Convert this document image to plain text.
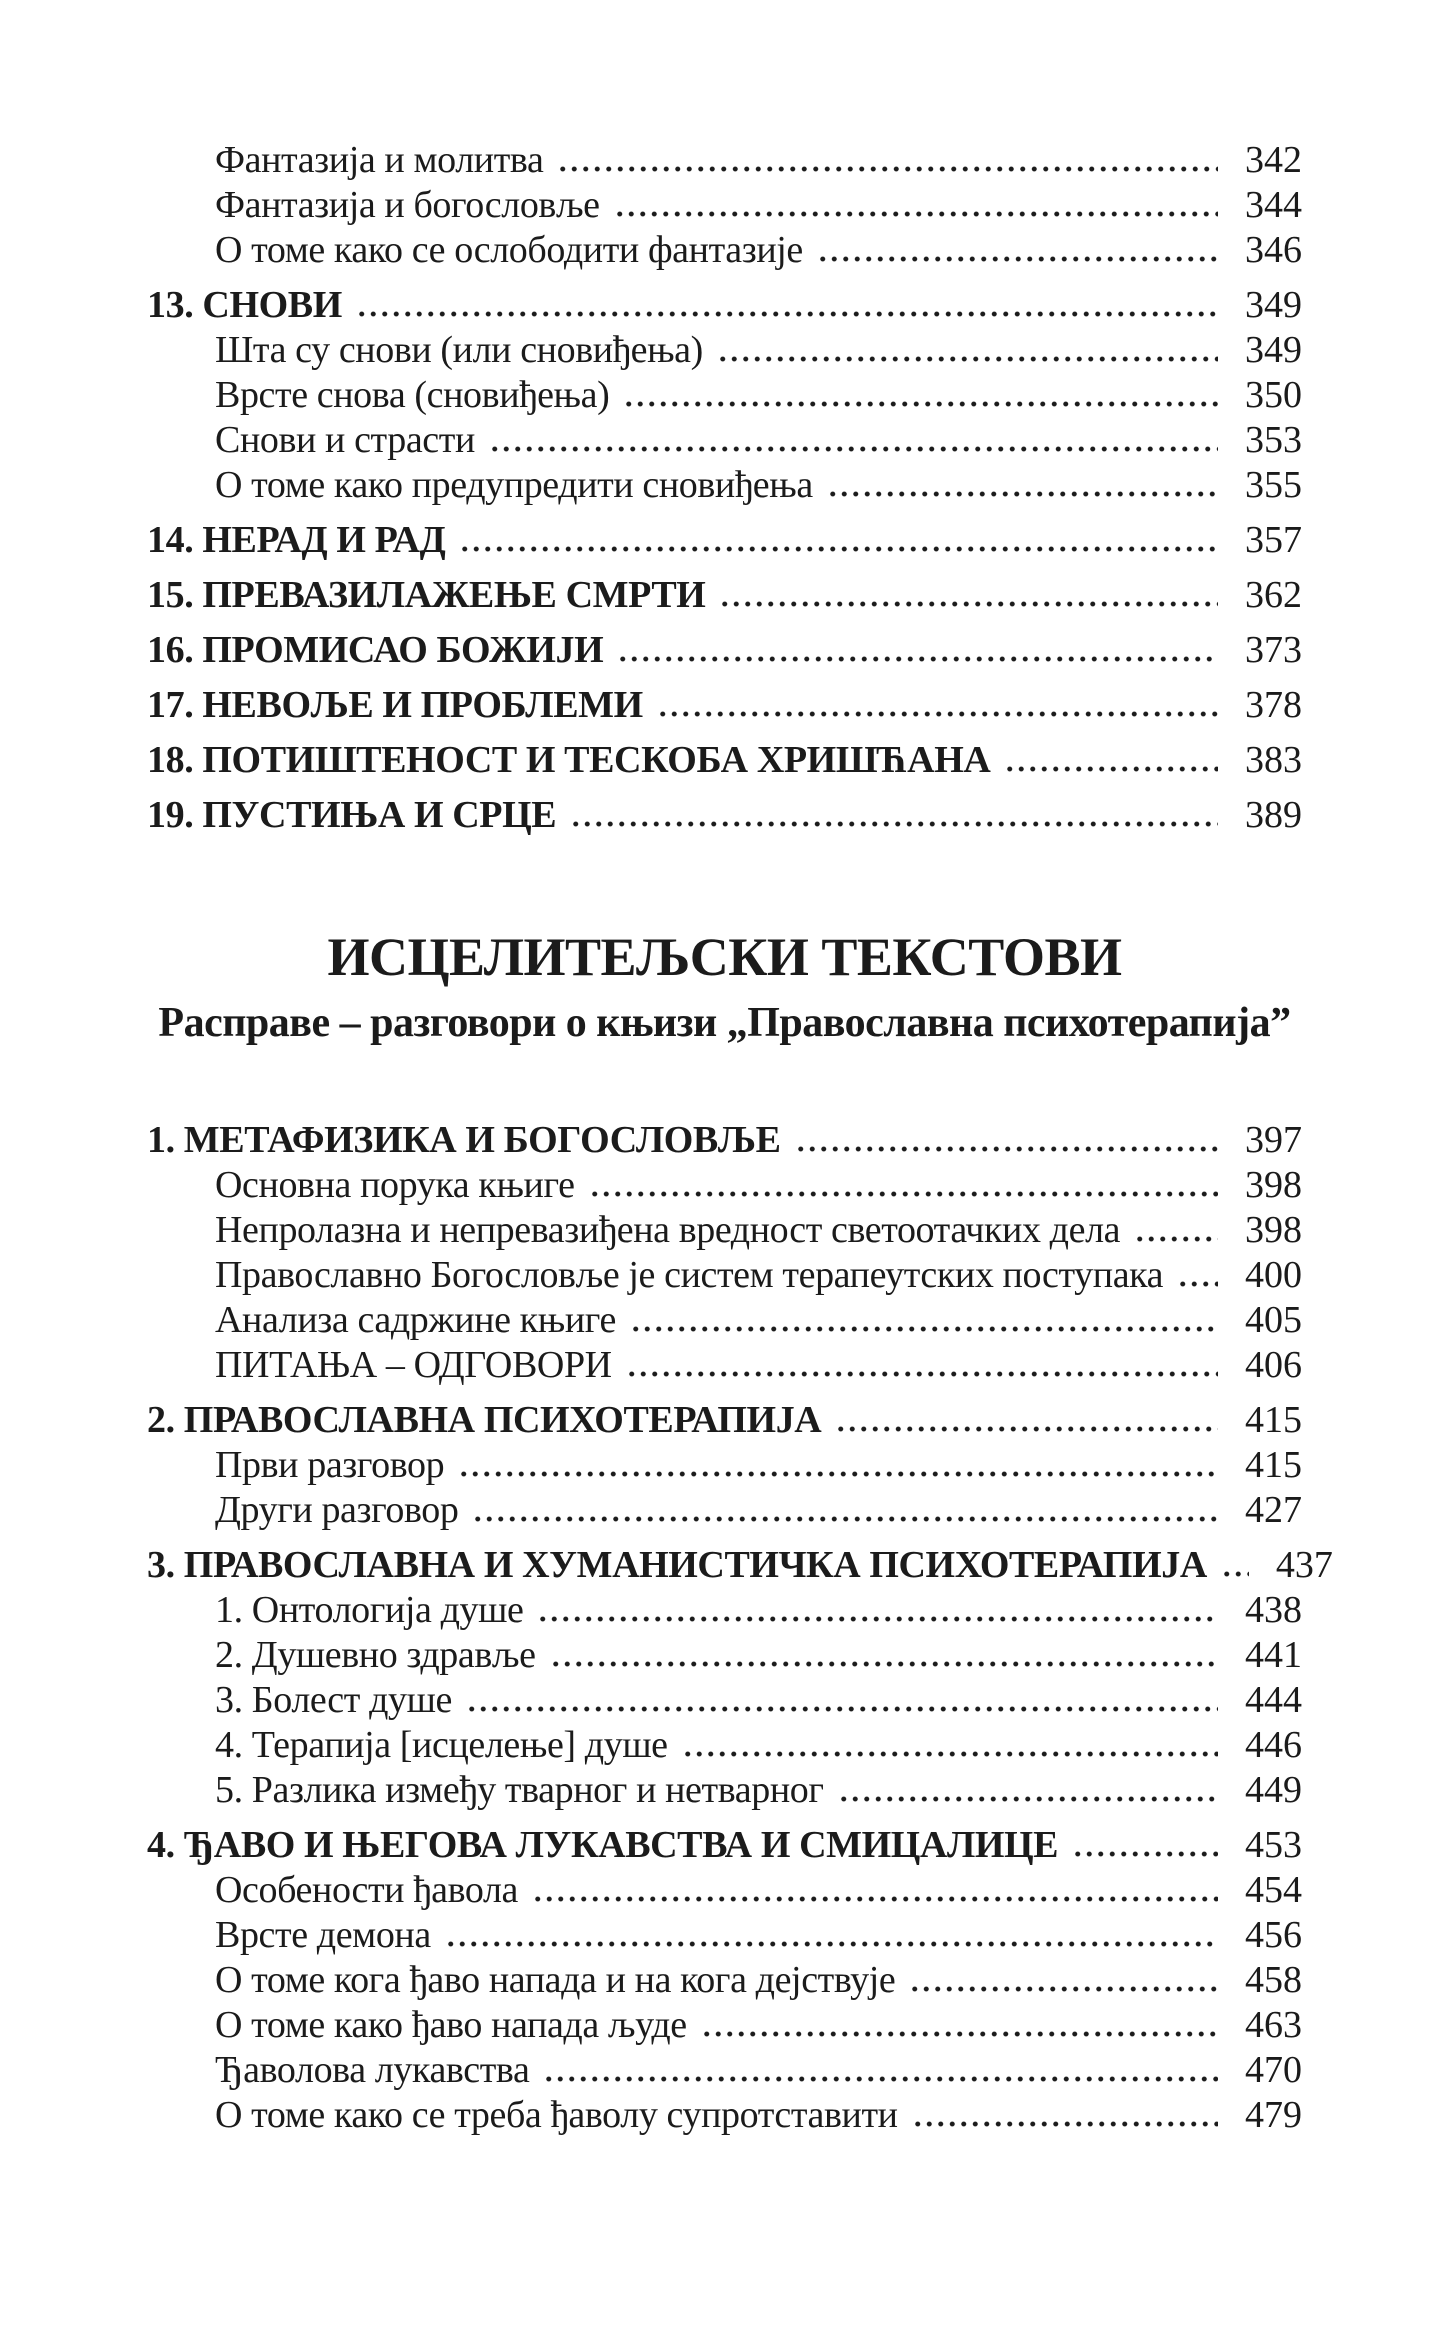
Фантазија и молитва	342
Фантазија и богословље	344
О томе како се ослободити фантазије	346
13. СНОВИ	349
Шта су снови (или сновиђења)	349
Врсте снова (сновиђења)	350
Снови и страсти	353
О томе како предупредити сновиђења	355
14. НЕРАД И РАД	357
15. ПРЕВАЗИЛАЖЕЊЕ СМРТИ	362
16. ПРОМИСАО БОЖИЈИ	373
17. НЕВОЉЕ И ПРОБЛЕМИ	378
18. ПОТИШТЕНОСТ И ТЕСКОБА ХРИШЋАНА	383
19. ПУСТИЊА И СРЦЕ	389
ИСЦЕЛИТЕЉСКИ ТЕКСТОВИ
Расправе – разговори о књизи „Православна психотерапија”
1. МЕТАФИЗИКА И БОГОСЛОВЉЕ	397
Основна порука књиге	398
Непролазна и непревазиђена вредност светоотачких дела	398
Православно Богословље је систем терапеутских поступака 400
Анализа садржине књиге	405
ПИТАЊА – ОДГОВОРИ	406
2. ПРАВОСЛАВНА ПСИХОТЕРАПИЈА	415
Први разговор	415
Други разговор	427
3. ПРАВОСЛАВНА И ХУМАНИСТИЧКА ПСИХОТЕРАПИЈА 437
1. Онтологија душе	438
2. Душевно здравље	441
3. Болест душе	444
4. Терапија [исцелење] душе	446
5. Разлика између тварног и нетварног	449
4. ЂАВО И ЊЕГОВА ЛУКАВСТВА И СМИЦАЛИЦЕ	453
Особености ђавола	454
Врсте демона	456
О томе кога ђаво напада и на кога дејствује	458
О томе како ђаво напада људе	463
Ђаволова лукавства	470
О томе како се треба ђаволу супротставити	479
